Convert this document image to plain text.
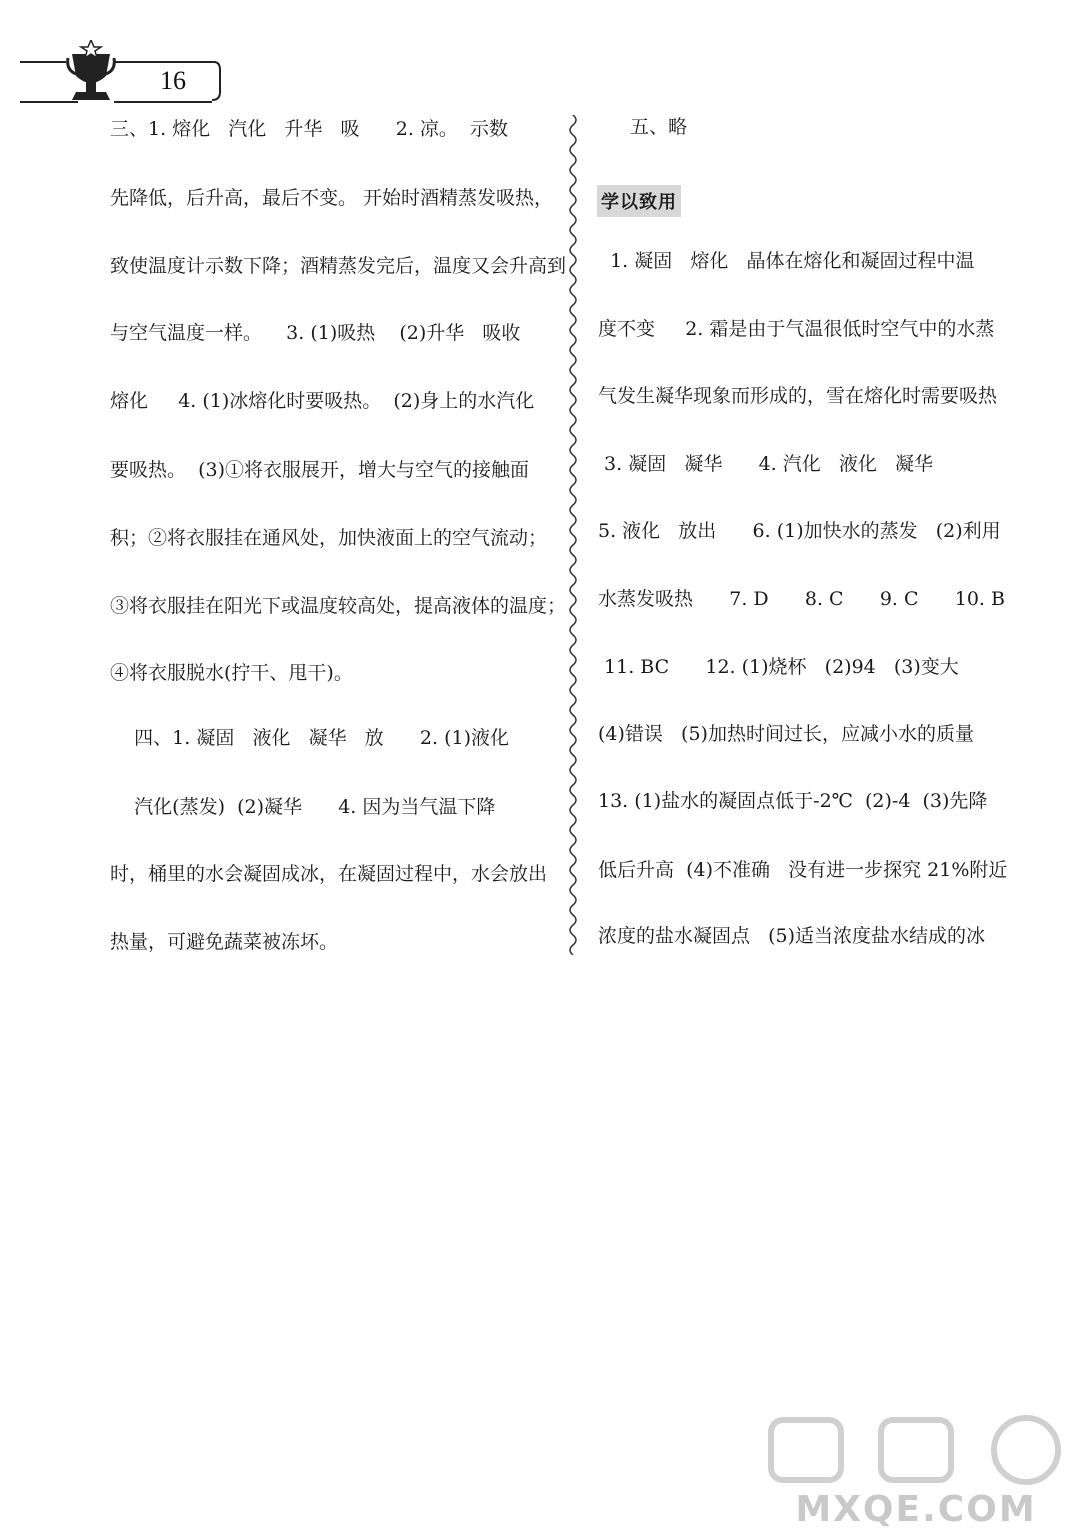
16
三、1. 熔化   汽化   升华   吸      2. 凉。  示数
先降低，后升高，最后不变。 开始时酒精蒸发吸热，
致使温度计示数下降；酒精蒸发完后，温度又会升高到
与空气温度一样。    3. (1)吸热    (2)升华   吸收
熔化     4. (1)冰熔化时要吸热。  (2)身上的水汽化
要吸热。  (3)①将衣服展开，增大与空气的接触面
积；②将衣服挂在通风处，加快液面上的空气流动；
③将衣服挂在阳光下或温度较高处，提高液体的温度；
④将衣服脱水(拧干、甩干)。
四、1. 凝固   液化   凝华   放      2. (1)液化
汽化(蒸发)  (2)凝华      4. 因为当气温下降
时，桶里的水会凝固成冰，在凝固过程中，水会放出
热量，可避免蔬菜被冻坏。
五、略
1. 凝固   熔化   晶体在熔化和凝固过程中温
度不变     2. 霜是由于气温很低时空气中的水蒸
气发生凝华现象而形成的，雪在熔化时需要吸热
3. 凝固   凝华      4. 汽化   液化   凝华
5. 液化   放出      6. (1)加快水的蒸发   (2)利用
水蒸发吸热      7. D      8. C      9. C      10. B
11. BC      12. (1)烧杯   (2)94   (3)变大
(4)错误   (5)加热时间过长，应减小水的质量
13. (1)盐水的凝固点低于-2℃  (2)-4  (3)先降
低后升高  (4)不准确   没有进一步探究 21%附近
浓度的盐水凝固点   (5)适当浓度盐水结成的冰
学以致用
MXQE.COM
